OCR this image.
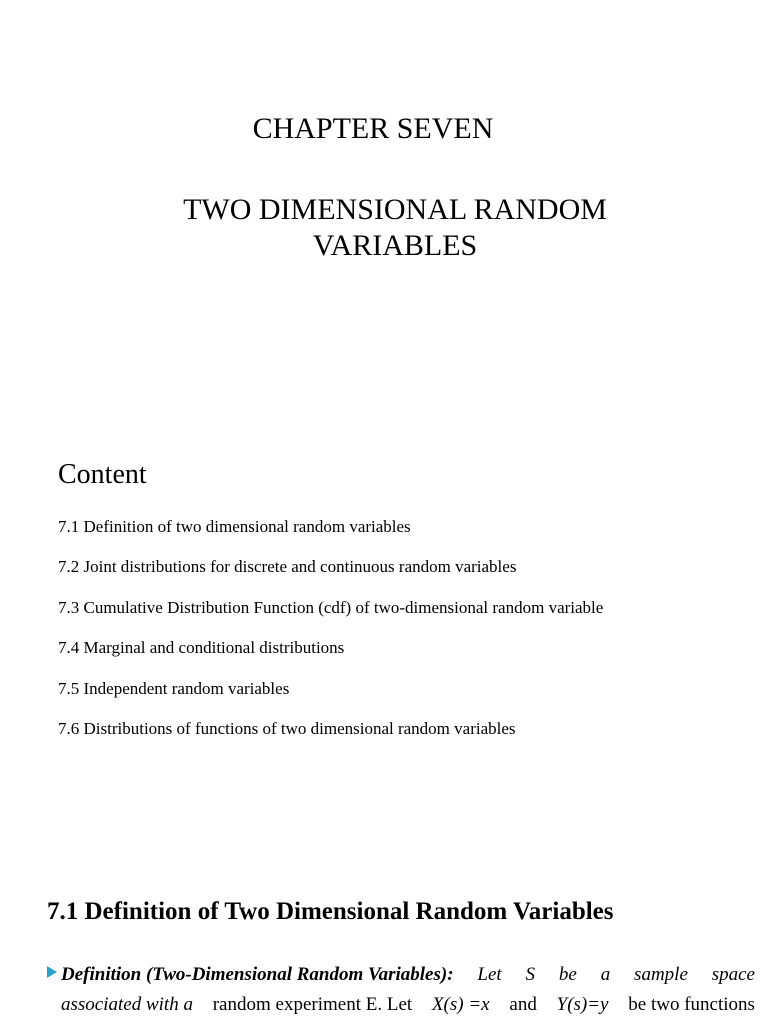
CHAPTER SEVEN
TWO DIMENSIONAL RANDOM
VARIABLES
Content
7.1 Definition of two dimensional random variables
7.2 Joint distributions for discrete and continuous random variables
7.3 Cumulative Distribution Function (cdf) of two-dimensional random variable
7.4 Marginal and conditional distributions
7.5 Independent random variables
7.6 Distributions of functions of two dimensional random variables
7.1 Definition of Two Dimensional Random Variables
Definition (Two-Dimensional Random Variables): Let S be a sample space
associated with a random experiment E. Let X(s) =x and Y(s)=y be two functions
